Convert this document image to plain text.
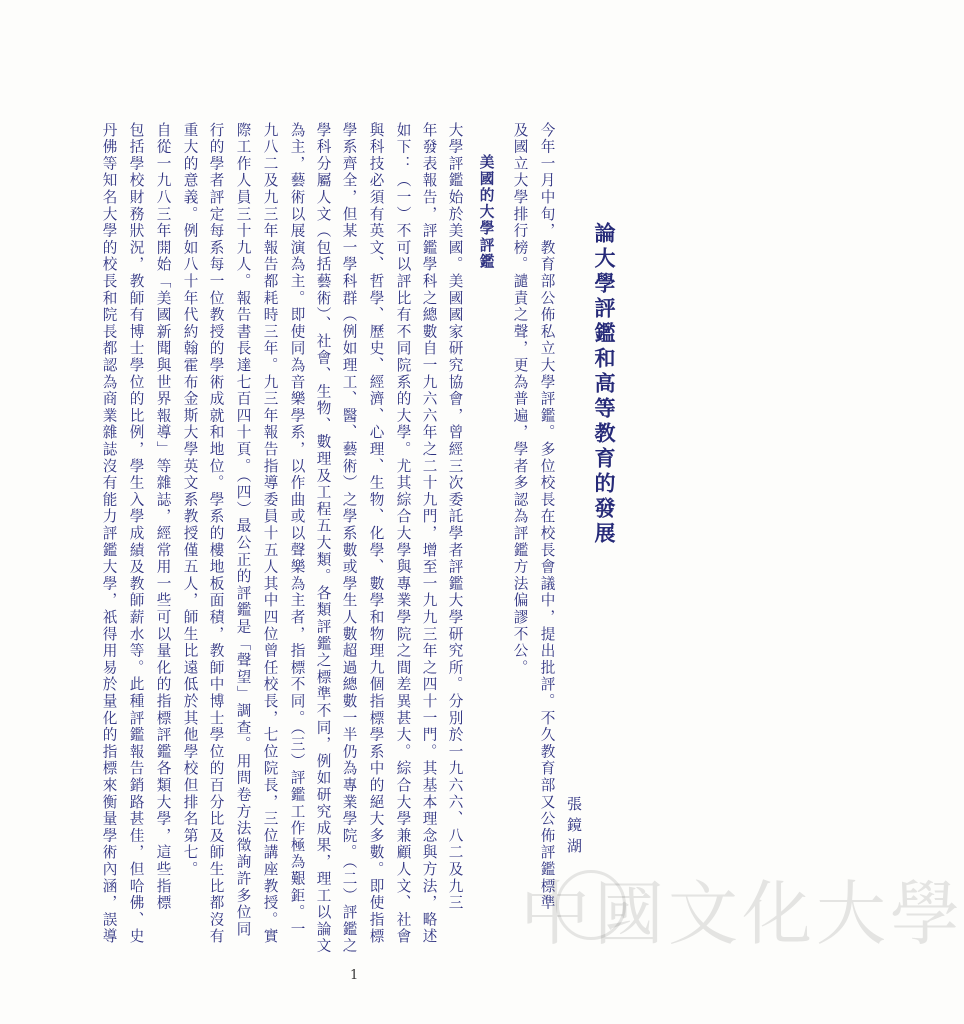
論大學評鑑和高等教育的發展
張鏡湖
今年一月中旬，教育部公佈私立大學評鑑。多位校長在校長會議中，提出批評。不久教育部又公佈評鑑標準
及國立大學排行榜。譴責之聲，更為普遍，學者多認為評鑑方法偏謬不公。
美國的大學評鑑
大學評鑑始於美國。美國國家研究協會，曾經三次委託學者評鑑大學研究所。分別於一九六六、八二及九三
年發表報告，評鑑學科之總數自一九六六年之二十九門，增至一九九三年之四十一門。其基本理念與方法，略述
如下：（一）不可以評比有不同院系的大學。尤其綜合大學與專業學院之間差異甚大。綜合大學兼顧人文、社會
與科技必須有英文、哲學、歷史、經濟、心理、生物、化學、數學和物理九個指標學系中的絕大多數。即使指標
學系齊全，但某一學科群（例如理工、醫、藝術）之學系數或學生人數超過總數一半仍為專業學院。（二）評鑑之
學科分屬人文（包括藝術）、社會、生物、數理及工程五大類。各類評鑑之標準不同，例如研究成果，理工以論文
為主，藝術以展演為主。即使同為音樂學系，以作曲或以聲樂為主者，指標不同。（三）評鑑工作極為艱鉅。一
九八二及九三年報告都耗時三年。九三年報告指導委員十五人其中四位曾任校長，七位院長，三位講座教授。實
際工作人員三十九人。報告書長達七百四十頁。（四）最公正的評鑑是「聲望」調查。用問卷方法徵詢許多位同
行的學者評定每系每一位教授的學術成就和地位。學系的樓地板面積，教師中博士學位的百分比及師生比都沒有
重大的意義。例如八十年代約翰霍布金斯大學英文系教授僅五人，師生比遠低於其他學校但排名第七。
自從一九八三年開始「美國新聞與世界報導」等雜誌，經常用一些可以量化的指標評鑑各類大學，這些指標
包括學校財務狀況，教師有博士學位的比例，學生入學成績及教師薪水等。此種評鑑報告銷路甚佳，但哈佛、史
丹佛等知名大學的校長和院長都認為商業雜誌沒有能力評鑑大學，祇得用易於量化的指標來衡量學術內涵，誤導
1
中國文化大學
